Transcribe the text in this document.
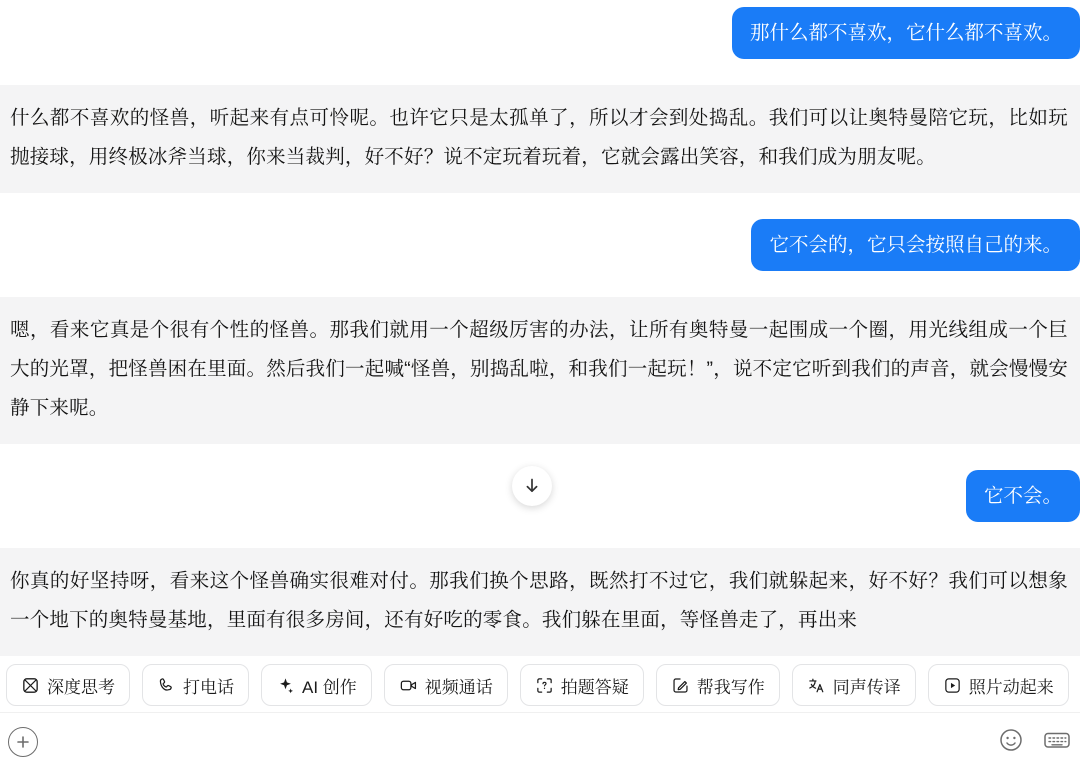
那什么都不喜欢，它什么都不喜欢。
什么都不喜欢的怪兽，听起来有点可怜呢。也许它只是太孤单了，所以才会到处捣乱。我们可以让奥特曼陪它玩，比如玩抛接球，用终极冰斧当球，你来当裁判，好不好？说不定玩着玩着，它就会露出笑容，和我们成为朋友呢。
它不会的，它只会按照自己的来。
嗯，看来它真是个很有个性的怪兽。那我们就用一个超级厉害的办法，让所有奥特曼一起围成一个圈，用光线组成一个巨大的光罩，把怪兽困在里面。然后我们一起喊“怪兽，别捣乱啦，和我们一起玩！”，说不定它听到我们的声音，就会慢慢安静下来呢。
它不会。
你真的好坚持呀，看来这个怪兽确实很难对付。那我们换个思路，既然打不过它，我们就躲起来，好不好？我们可以想象一个地下的奥特曼基地，里面有很多房间，还有好吃的零食。我们躲在里面，等怪兽走了，再出来
深度思考	打电话	AI 创作	视频通话	拍题答疑	帮我写作	同声传译	照片动起来
